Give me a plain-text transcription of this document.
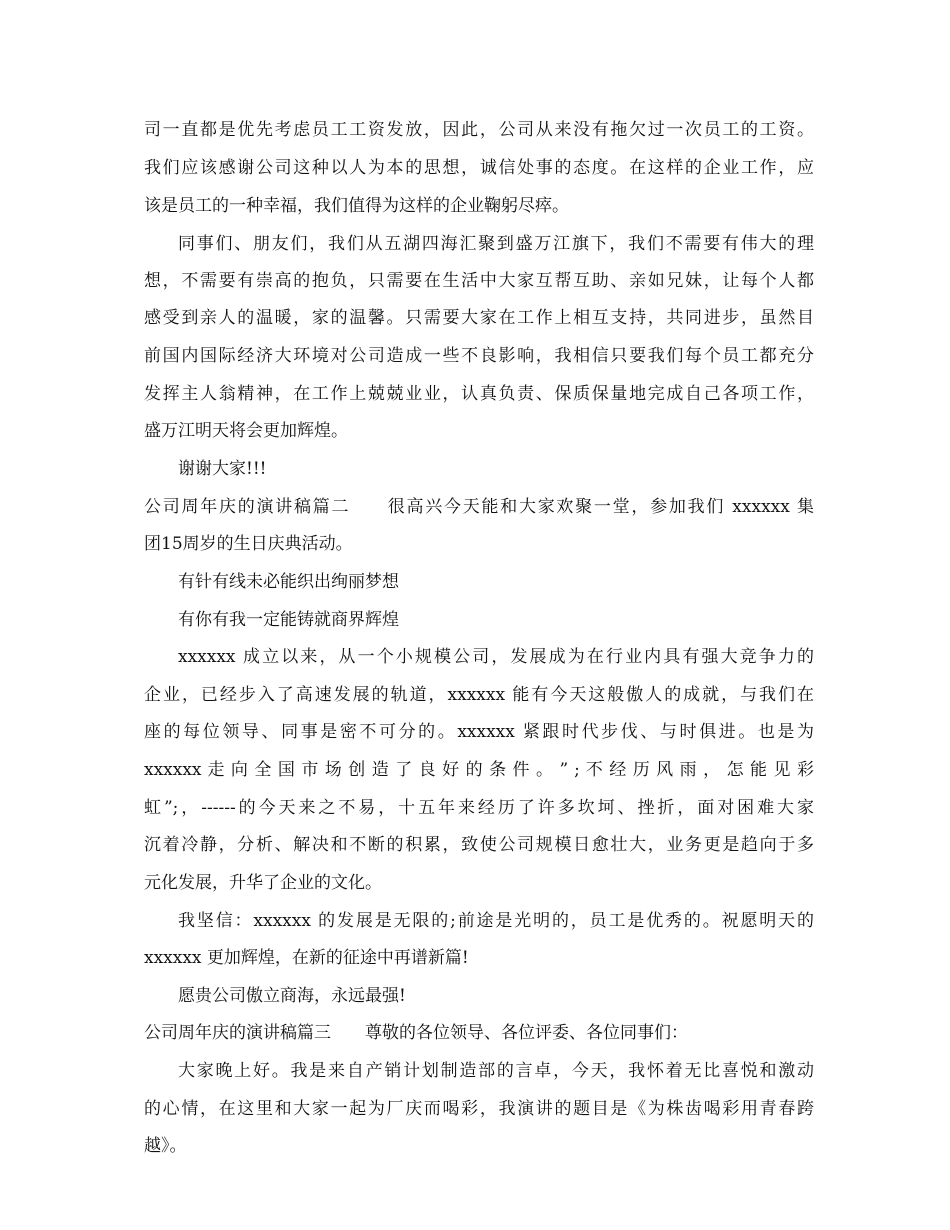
司一直都是优先考虑员工工资发放，因此，公司从来没有拖欠过一次员工的工资。
我们应该感谢公司这种以人为本的思想，诚信处事的态度。在这样的企业工作，应
该是员工的一种幸福，我们值得为这样的企业鞠躬尽瘁。
同事们、朋友们，我们从五湖四海汇聚到盛万江旗下，我们不需要有伟大的理
想，不需要有崇高的抱负，只需要在生活中大家互帮互助、亲如兄妹，让每个人都
感受到亲人的温暖，家的温馨。只需要大家在工作上相互支持，共同进步，虽然目
前国内国际经济大环境对公司造成一些不良影响，我相信只要我们每个员工都充分
发挥主人翁精神，在工作上兢兢业业，认真负责、保质保量地完成自己各项工作，
盛万江明天将会更加辉煌。
谢谢大家!!!
公司周年庆的演讲稿篇二　　很高兴今天能和大家欢聚一堂，参加我们 xxxxxx 集
团15周岁的生日庆典活动。
有针有线未必能织出绚丽梦想
有你有我一定能铸就商界辉煌
xxxxxx 成立以来，从一个小规模公司，发展成为在行业内具有强大竞争力的
企业，已经步入了高速发展的轨道，xxxxxx 能有今天这般傲人的成就，与我们在
座的每位领导、同事是密不可分的。xxxxxx 紧跟时代步伐、与时俱进。也是为
xxxxxx 走 向 全 国 市 场 创 造 了 良 好 的 条 件 。 ” ; 不 经 历 风 雨 ， 怎 能 见 彩
虹”;，------的今天来之不易，十五年来经历了许多坎坷、挫折，面对困难大家
沉着冷静，分析、解决和不断的积累，致使公司规模日愈壮大，业务更是趋向于多
元化发展，升华了企业的文化。
我坚信：xxxxxx 的发展是无限的;前途是光明的，员工是优秀的。祝愿明天的
xxxxxx 更加辉煌，在新的征途中再谱新篇!
愿贵公司傲立商海，永远最强!
公司周年庆的演讲稿篇三　　尊敬的各位领导、各位评委、各位同事们：
大家晚上好。我是来自产销计划制造部的言卓，今天，我怀着无比喜悦和激动
的心情，在这里和大家一起为厂庆而喝彩，我演讲的题目是《为株齿喝彩用青春跨
越》。
